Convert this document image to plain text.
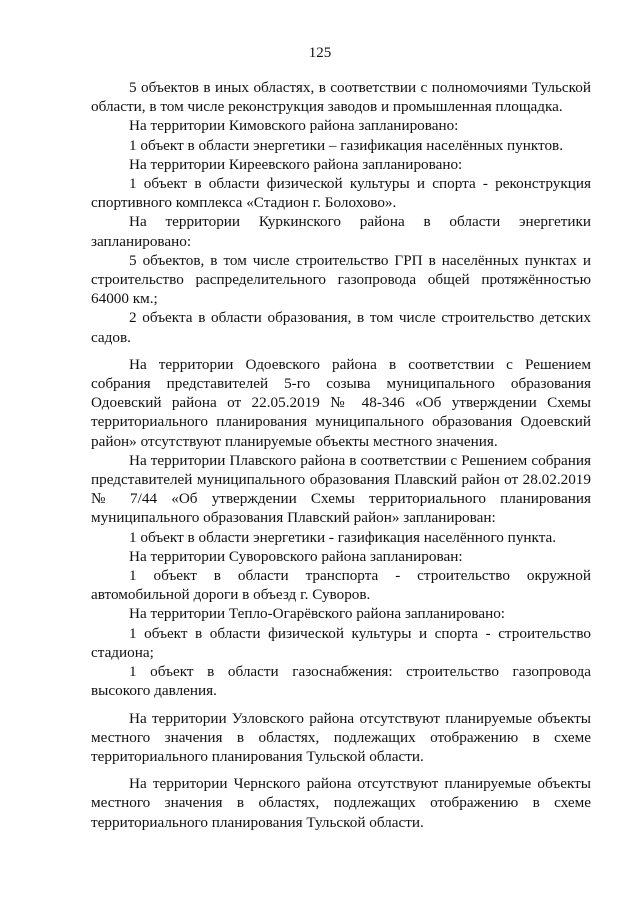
125

5 объектов в иных областях, в соответствии с полномочиями Тульской области, в том числе реконструкция заводов и промышленная площадка.

На территории Кимовского района запланировано:

1 объект в области энергетики – газификация населённых пунктов.

На территории Киреевского района запланировано:

1 объект в области физической культуры и спорта - реконструкция спортивного комплекса «Стадион г. Болохово».

На территории Куркинского района в области энергетики запланировано:

5 объектов, в том числе строительство ГРП в населённых пунктах и строительство распределительного газопровода общей протяжённостью 64000 км.;

2 объекта в области образования, в том числе строительство детских садов.

На территории Одоевского района в соответствии с Решением собрания представителей 5-го созыва муниципального образования Одоевский района от 22.05.2019 № 48-346 «Об утверждении Схемы территориального планирования муниципального образования Одоевский район» отсутствуют планируемые объекты местного значения.

На территории Плавского района в соответствии с Решением собрания представителей муниципального образования Плавский район от 28.02.2019 № 7/44 «Об утверждении Схемы территориального планирования муниципального образования Плавский район» запланирован:

1 объект в области энергетики - газификация населённого пункта.

На территории Суворовского района запланирован:

1 объект в области транспорта - строительство окружной автомобильной дороги в объезд г. Суворов.

На территории Тепло-Огарёвского района запланировано:

1 объект в области физической культуры и спорта - строительство стадиона;

1 объект в области газоснабжения: строительство газопровода высокого давления.

На территории Узловского района отсутствуют планируемые объекты местного значения в областях, подлежащих отображению в схеме территориального планирования Тульской области.

На территории Чернского района отсутствуют планируемые объекты местного значения в областях, подлежащих отображению в схеме территориального планирования Тульской области.
